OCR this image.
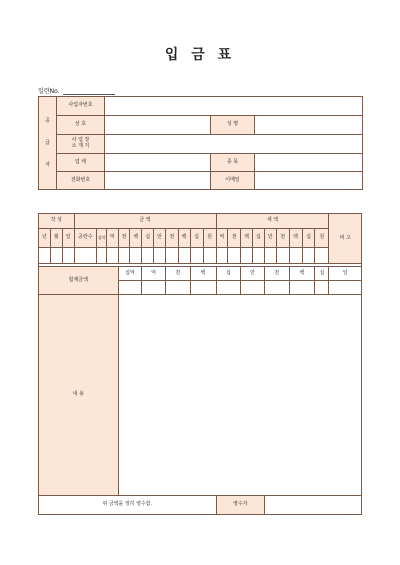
입 금 표
일련No.
공
급
자	사업자번호			
	상 호		성 명	

	사 업 장
소 재 지			

	업 태		종 목	
	전화번호		이메일	
작 성			금 액											세 액									비 고
년	월	일	공란수	십억	억	천	백	십	만	천	백	십	원	억	천	백	십	만	천	백	십	원	

합계금액						십억		억		천		백		십		만		천		백		십	일

내 용																							
위 금액을 정히 영수함.														영수자									
